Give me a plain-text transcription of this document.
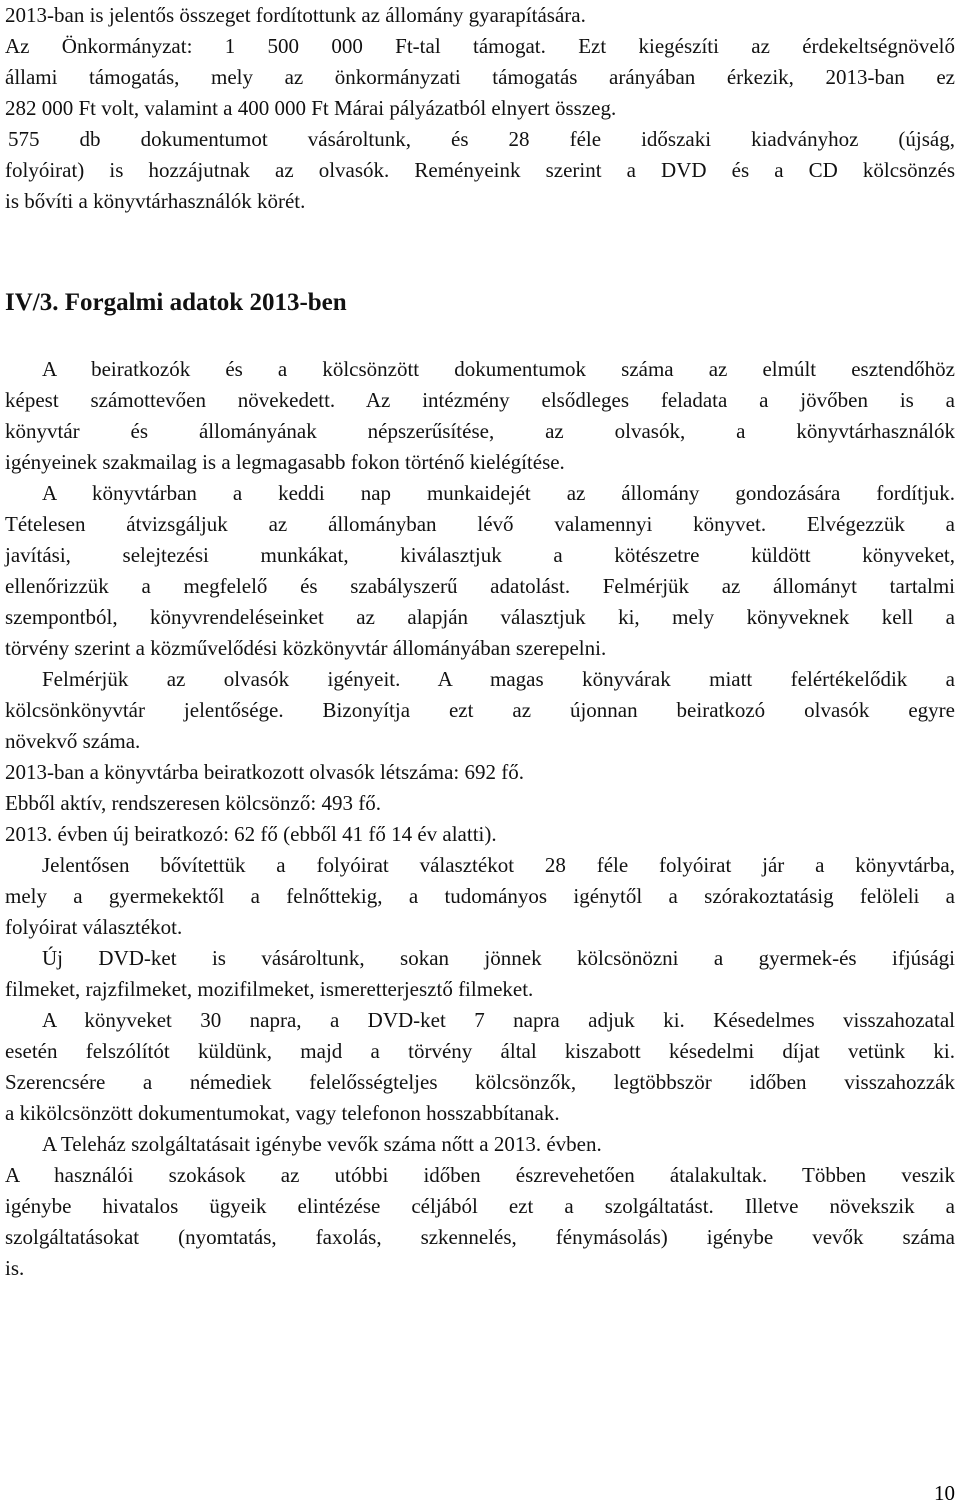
2013-ban is jelentős összeget fordítottunk az állomány gyarapítására.
Az Önkormányzat: 1 500 000 Ft-tal támogat. Ezt kiegészíti az érdekeltségnövelő
állami támogatás, mely az önkormányzati támogatás arányában érkezik, 2013-ban ez
282 000 Ft volt, valamint a 400 000 Ft Márai pályázatból elnyert összeg.
575 db dokumentumot vásároltunk, és 28 féle időszaki kiadványhoz (újság,
folyóirat) is hozzájutnak az olvasók. Reményeink szerint a DVD és a CD kölcsönzés
is bővíti a könyvtárhasználók körét.
IV/3. Forgalmi adatok 2013-ben
A beiratkozók és a kölcsönzött dokumentumok száma az elmúlt esztendőhöz
képest számottevően növekedett. Az intézmény elsődleges feladata a jövőben is a
könyvtár és állományának népszerűsítése, az olvasók, a könyvtárhasználók
igényeinek szakmailag is a legmagasabb fokon történő kielégítése.
A könyvtárban a keddi nap munkaidejét az állomány gondozására fordítjuk.
Tételesen átvizsgáljuk az állományban lévő valamennyi könyvet. Elvégezzük a
javítási, selejtezési munkákat, kiválasztjuk a kötészetre küldött könyveket,
ellenőrizzük a megfelelő és szabályszerű adatolást. Felmérjük az állományt tartalmi
szempontból, könyvrendeléseinket az alapján választjuk ki, mely könyveknek kell a
törvény szerint a közművelődési közkönyvtár állományában szerepelni.
Felmérjük az olvasók igényeit. A magas könyvárak miatt felértékelődik a
kölcsönkönyvtár jelentősége. Bizonyítja ezt az újonnan beiratkozó olvasók egyre
növekvő száma.
2013-ban a könyvtárba beiratkozott olvasók létszáma: 692 fő.
Ebből aktív, rendszeresen kölcsönző: 493 fő.
2013. évben új beiratkozó: 62 fő (ebből 41 fő 14 év alatti).
Jelentősen bővítettük a folyóirat választékot 28 féle folyóirat jár a könyvtárba,
mely a gyermekektől a felnőttekig, a tudományos igénytől a szórakoztatásig felöleli a
folyóirat választékot.
Új DVD-ket is vásároltunk, sokan jönnek kölcsönözni a gyermek-és ifjúsági
filmeket, rajzfilmeket, mozifilmeket, ismeretterjesztő filmeket.
A könyveket 30 napra, a DVD-ket 7 napra adjuk ki. Késedelmes visszahozatal
esetén felszólítót küldünk, majd a törvény által kiszabott késedelmi díjat vetünk ki.
Szerencsére a némediek felelősségteljes kölcsönzők, legtöbbször időben visszahozzák
a kikölcsönzött dokumentumokat, vagy telefonon hosszabbítanak.
A Teleház szolgáltatásait igénybe vevők száma nőtt a 2013. évben.
A használói szokások az utóbbi időben észrevehetően átalakultak. Többen veszik
igénybe hivatalos ügyeik elintézése céljából ezt a szolgáltatást. Illetve növekszik a
szolgáltatásokat (nyomtatás, faxolás, szkennelés, fénymásolás) igénybe vevők száma
is.
10
